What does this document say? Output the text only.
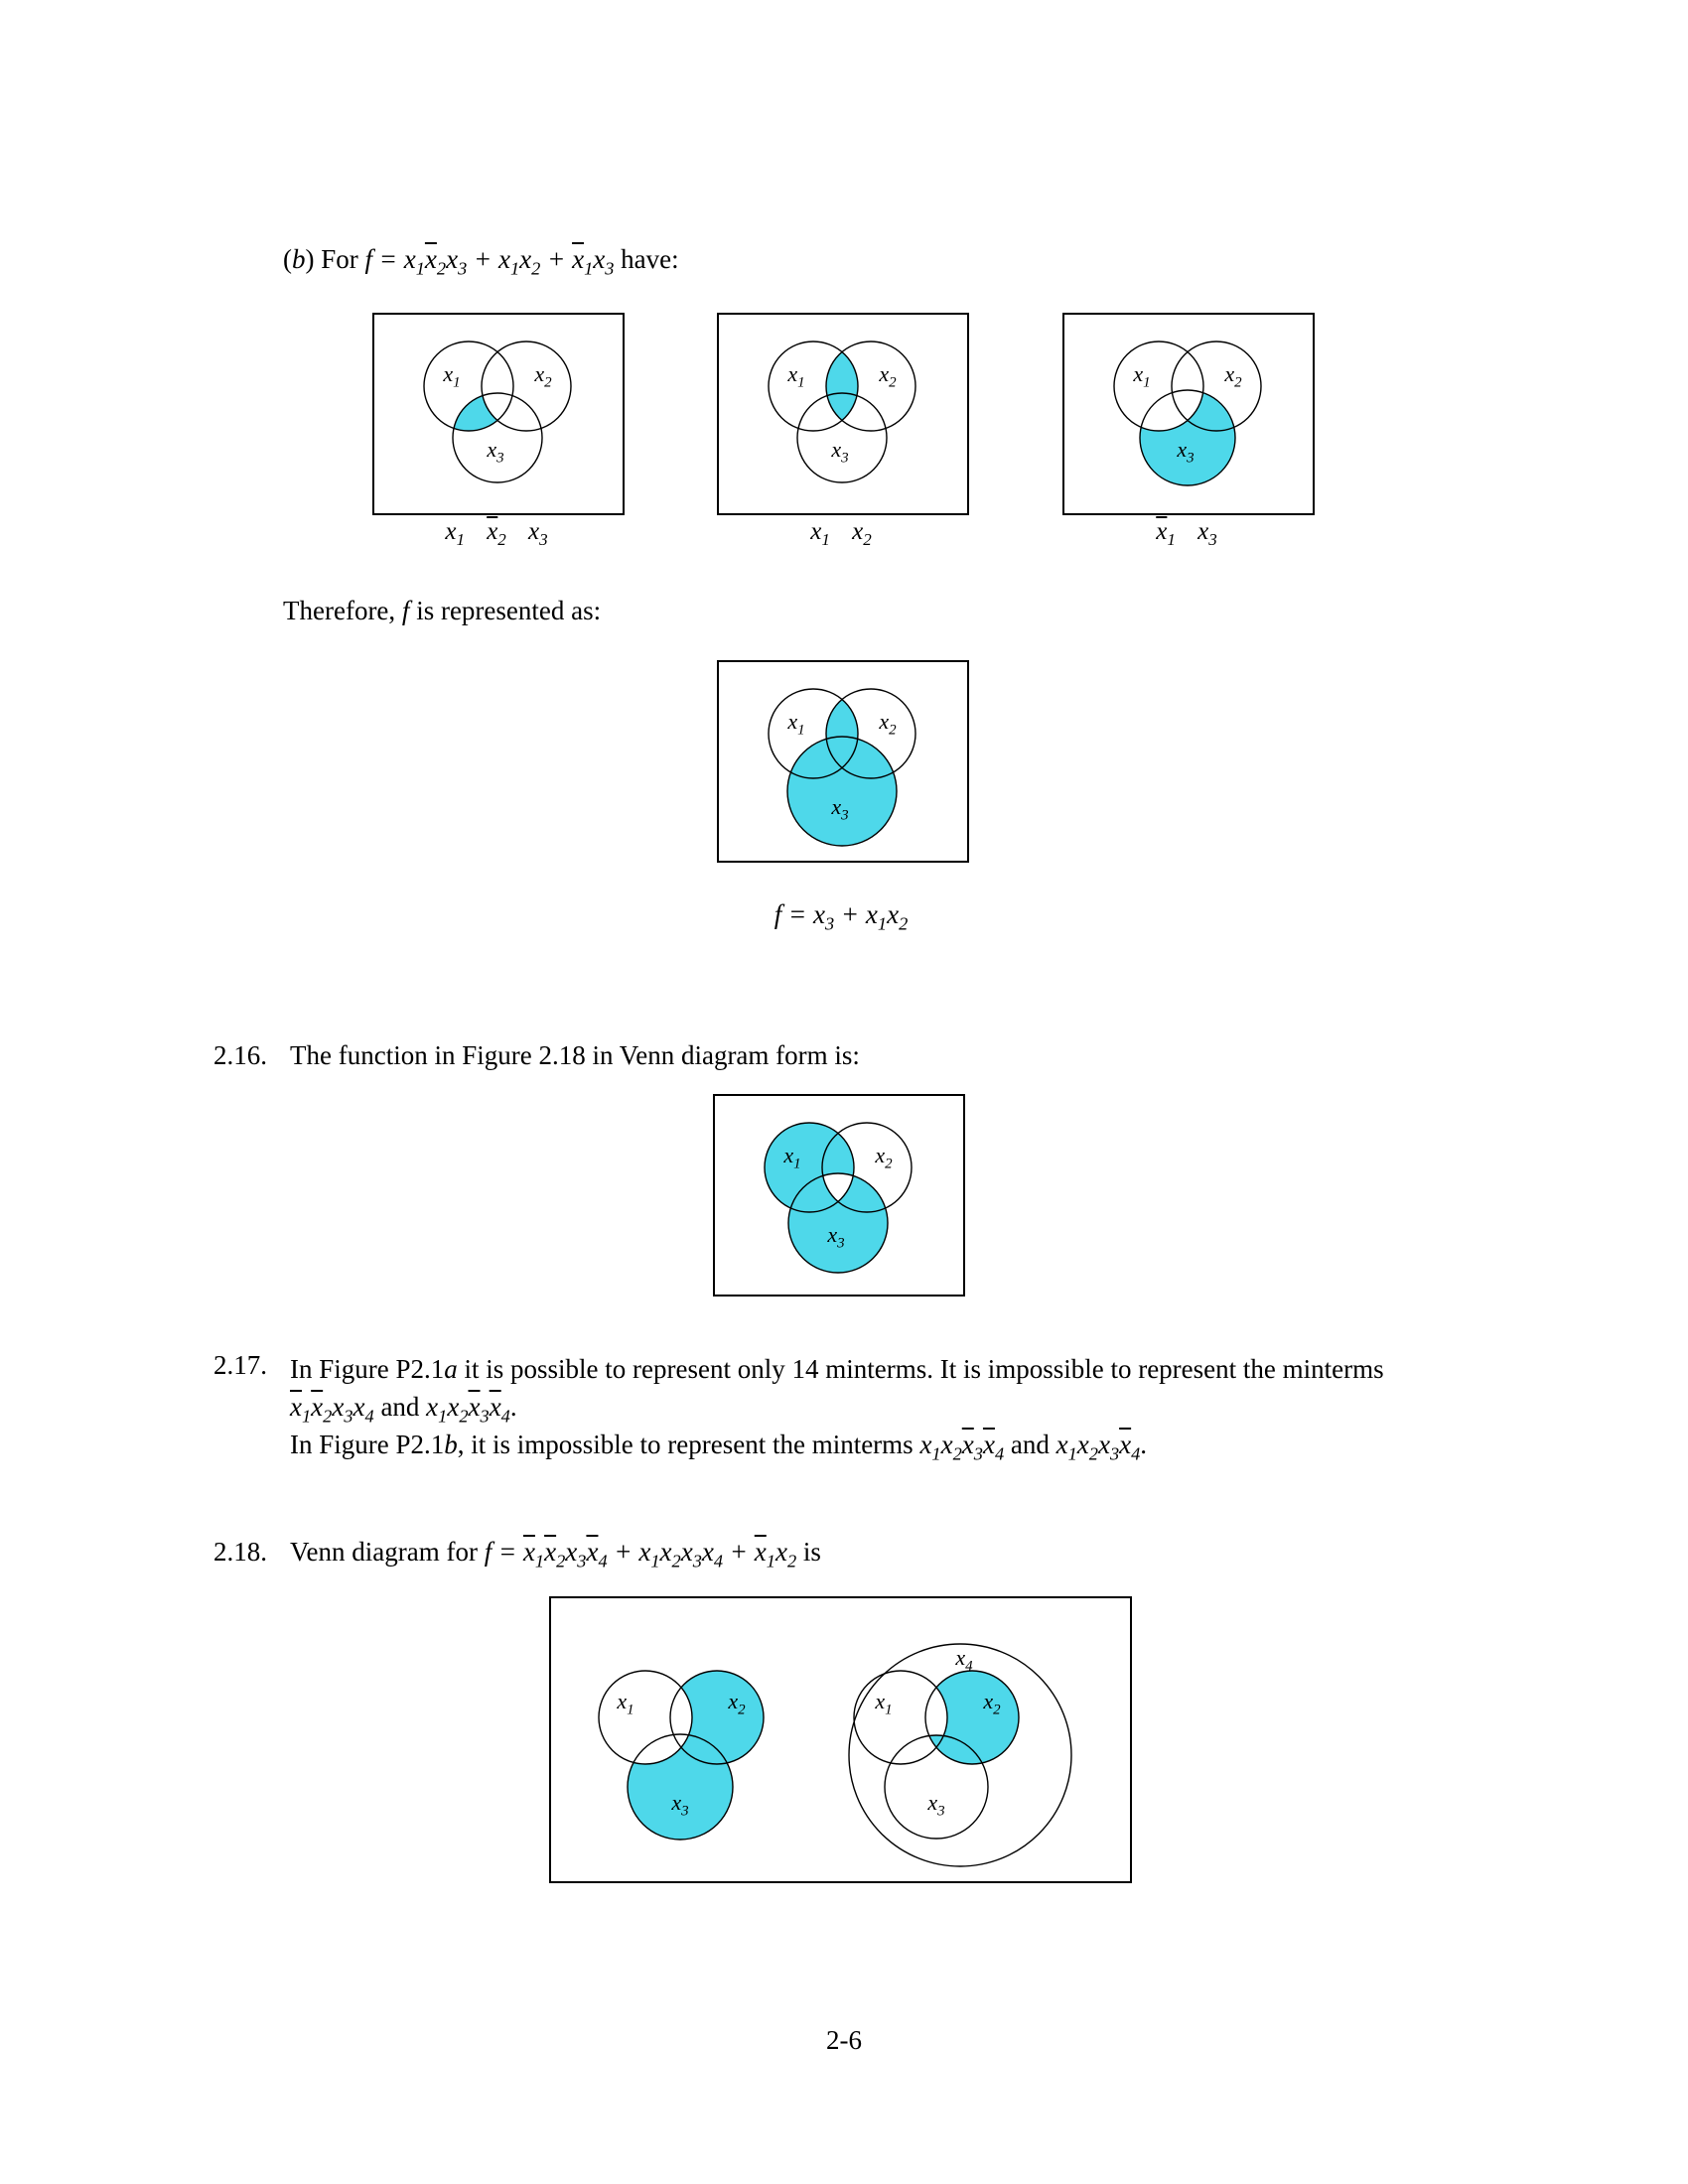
(b) For $f = x_1\overline{x}_2x_3 + x_1x_2 + \overline{x}_1x_3$ have:
$x_1$	$x_2$
$x_3$
$x_1$	$x_2$
$x_3$
$x_1$	$x_2$
$x_3$
$x_1$ $\overline{x}_2$ $x_3$	$x_1$ $x_2$	$\overline{x}_1$ $x_3$
Therefore, f is represented as:
$x_1$	$x_2$
$x_3$
$f = x_3 + x_1x_2$
2.16. The function in Figure 2.18 in Venn diagram form is:
$x_1$	$x_2$
$x_3$
2.17. In Figure P2.1a it is possible to represent only 14 minterms. It is impossible to represent the minterms
$\overline{x}_1\overline{x}_2x_3x_4$ and $x_1x_2\overline{x}_3\overline{x}_4$.
In Figure P2.1b, it is impossible to represent the minterms $x_1x_2\overline{x}_3\overline{x}_4$ and $x_1x_2x_3\overline{x}_4$.
2.18. Venn diagram for $f = \overline{x}_1\overline{x}_2x_3\overline{x}_4 + x_1x_2x_3x_4 + \overline{x}_1x_2$ is
$x_1$	$x_2$
$x_3$
$x_1$	$x_2$
$x_3$
$x_4$
2-6
